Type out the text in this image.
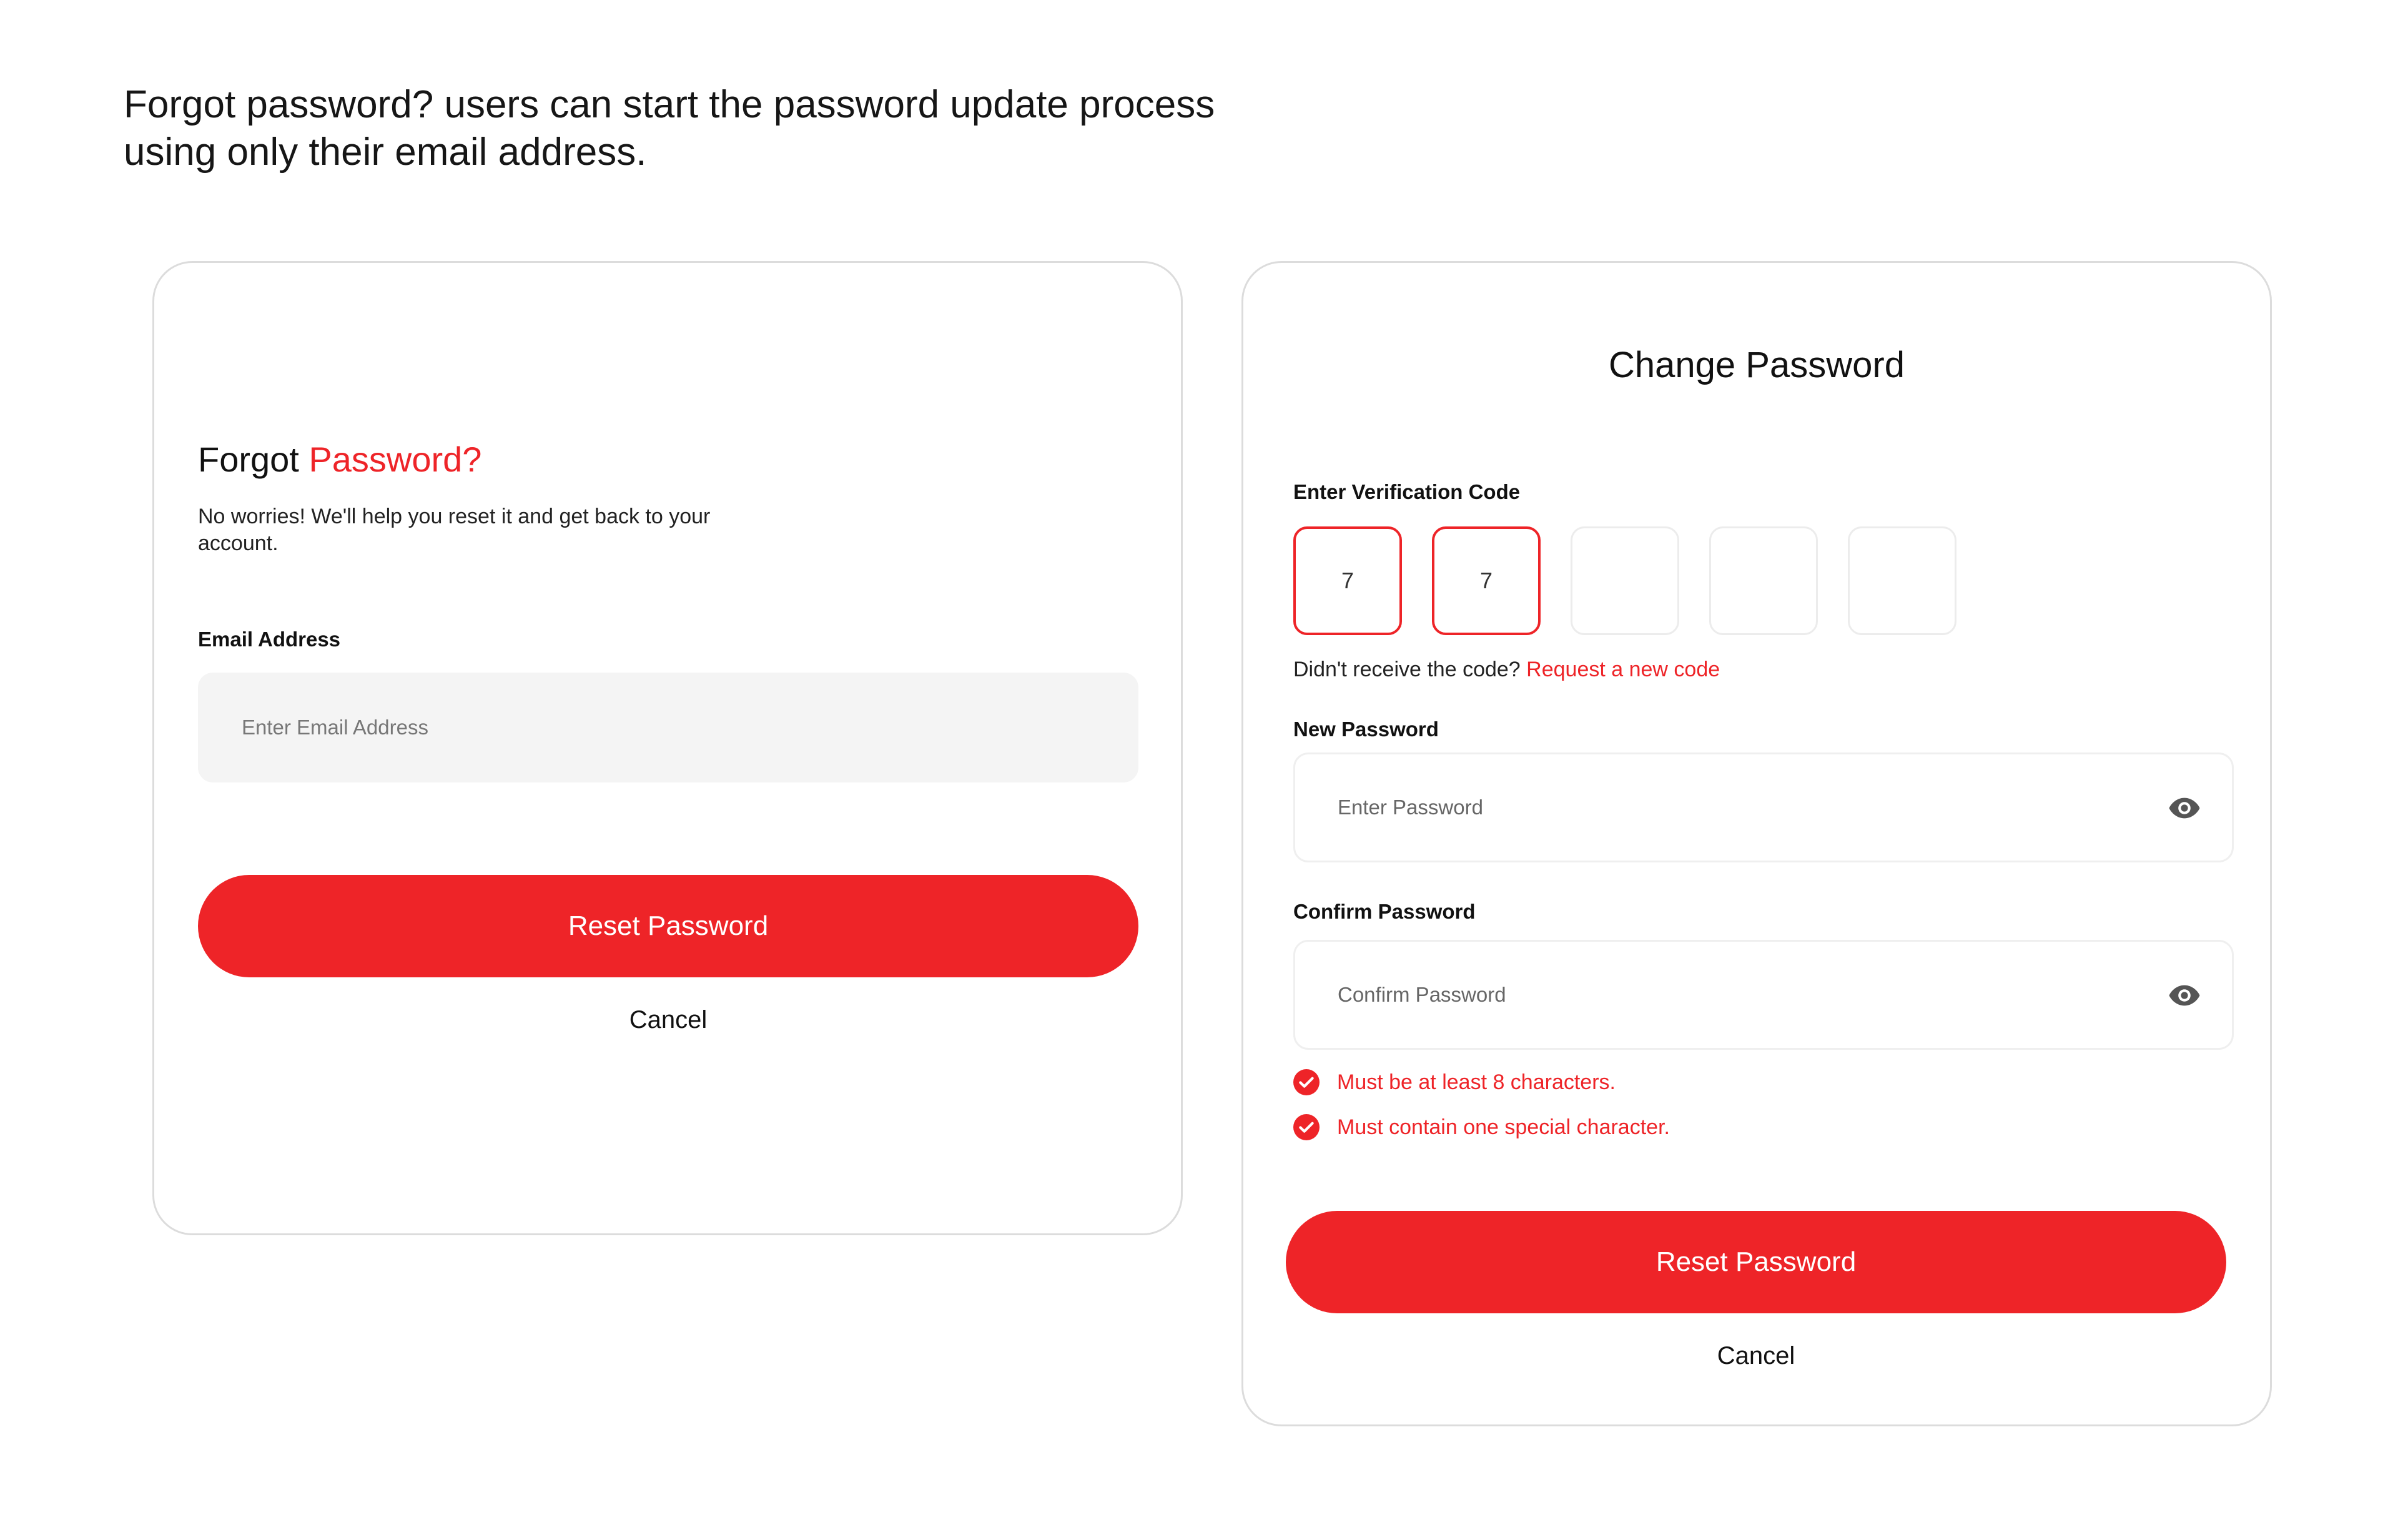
Forgot password? users can start the password update process
using only their email address.
Forgot Password?
No worries! We'll help you reset it and get back to your account.
Email Address
Enter Email Address
Reset Password
Cancel
Change Password
Enter Verification Code
7	7
Didn't receive the code? Request a new code
New Password
Confirm Password
Must be at least 8 characters.
Must contain one special character.
Reset Password
Cancel
